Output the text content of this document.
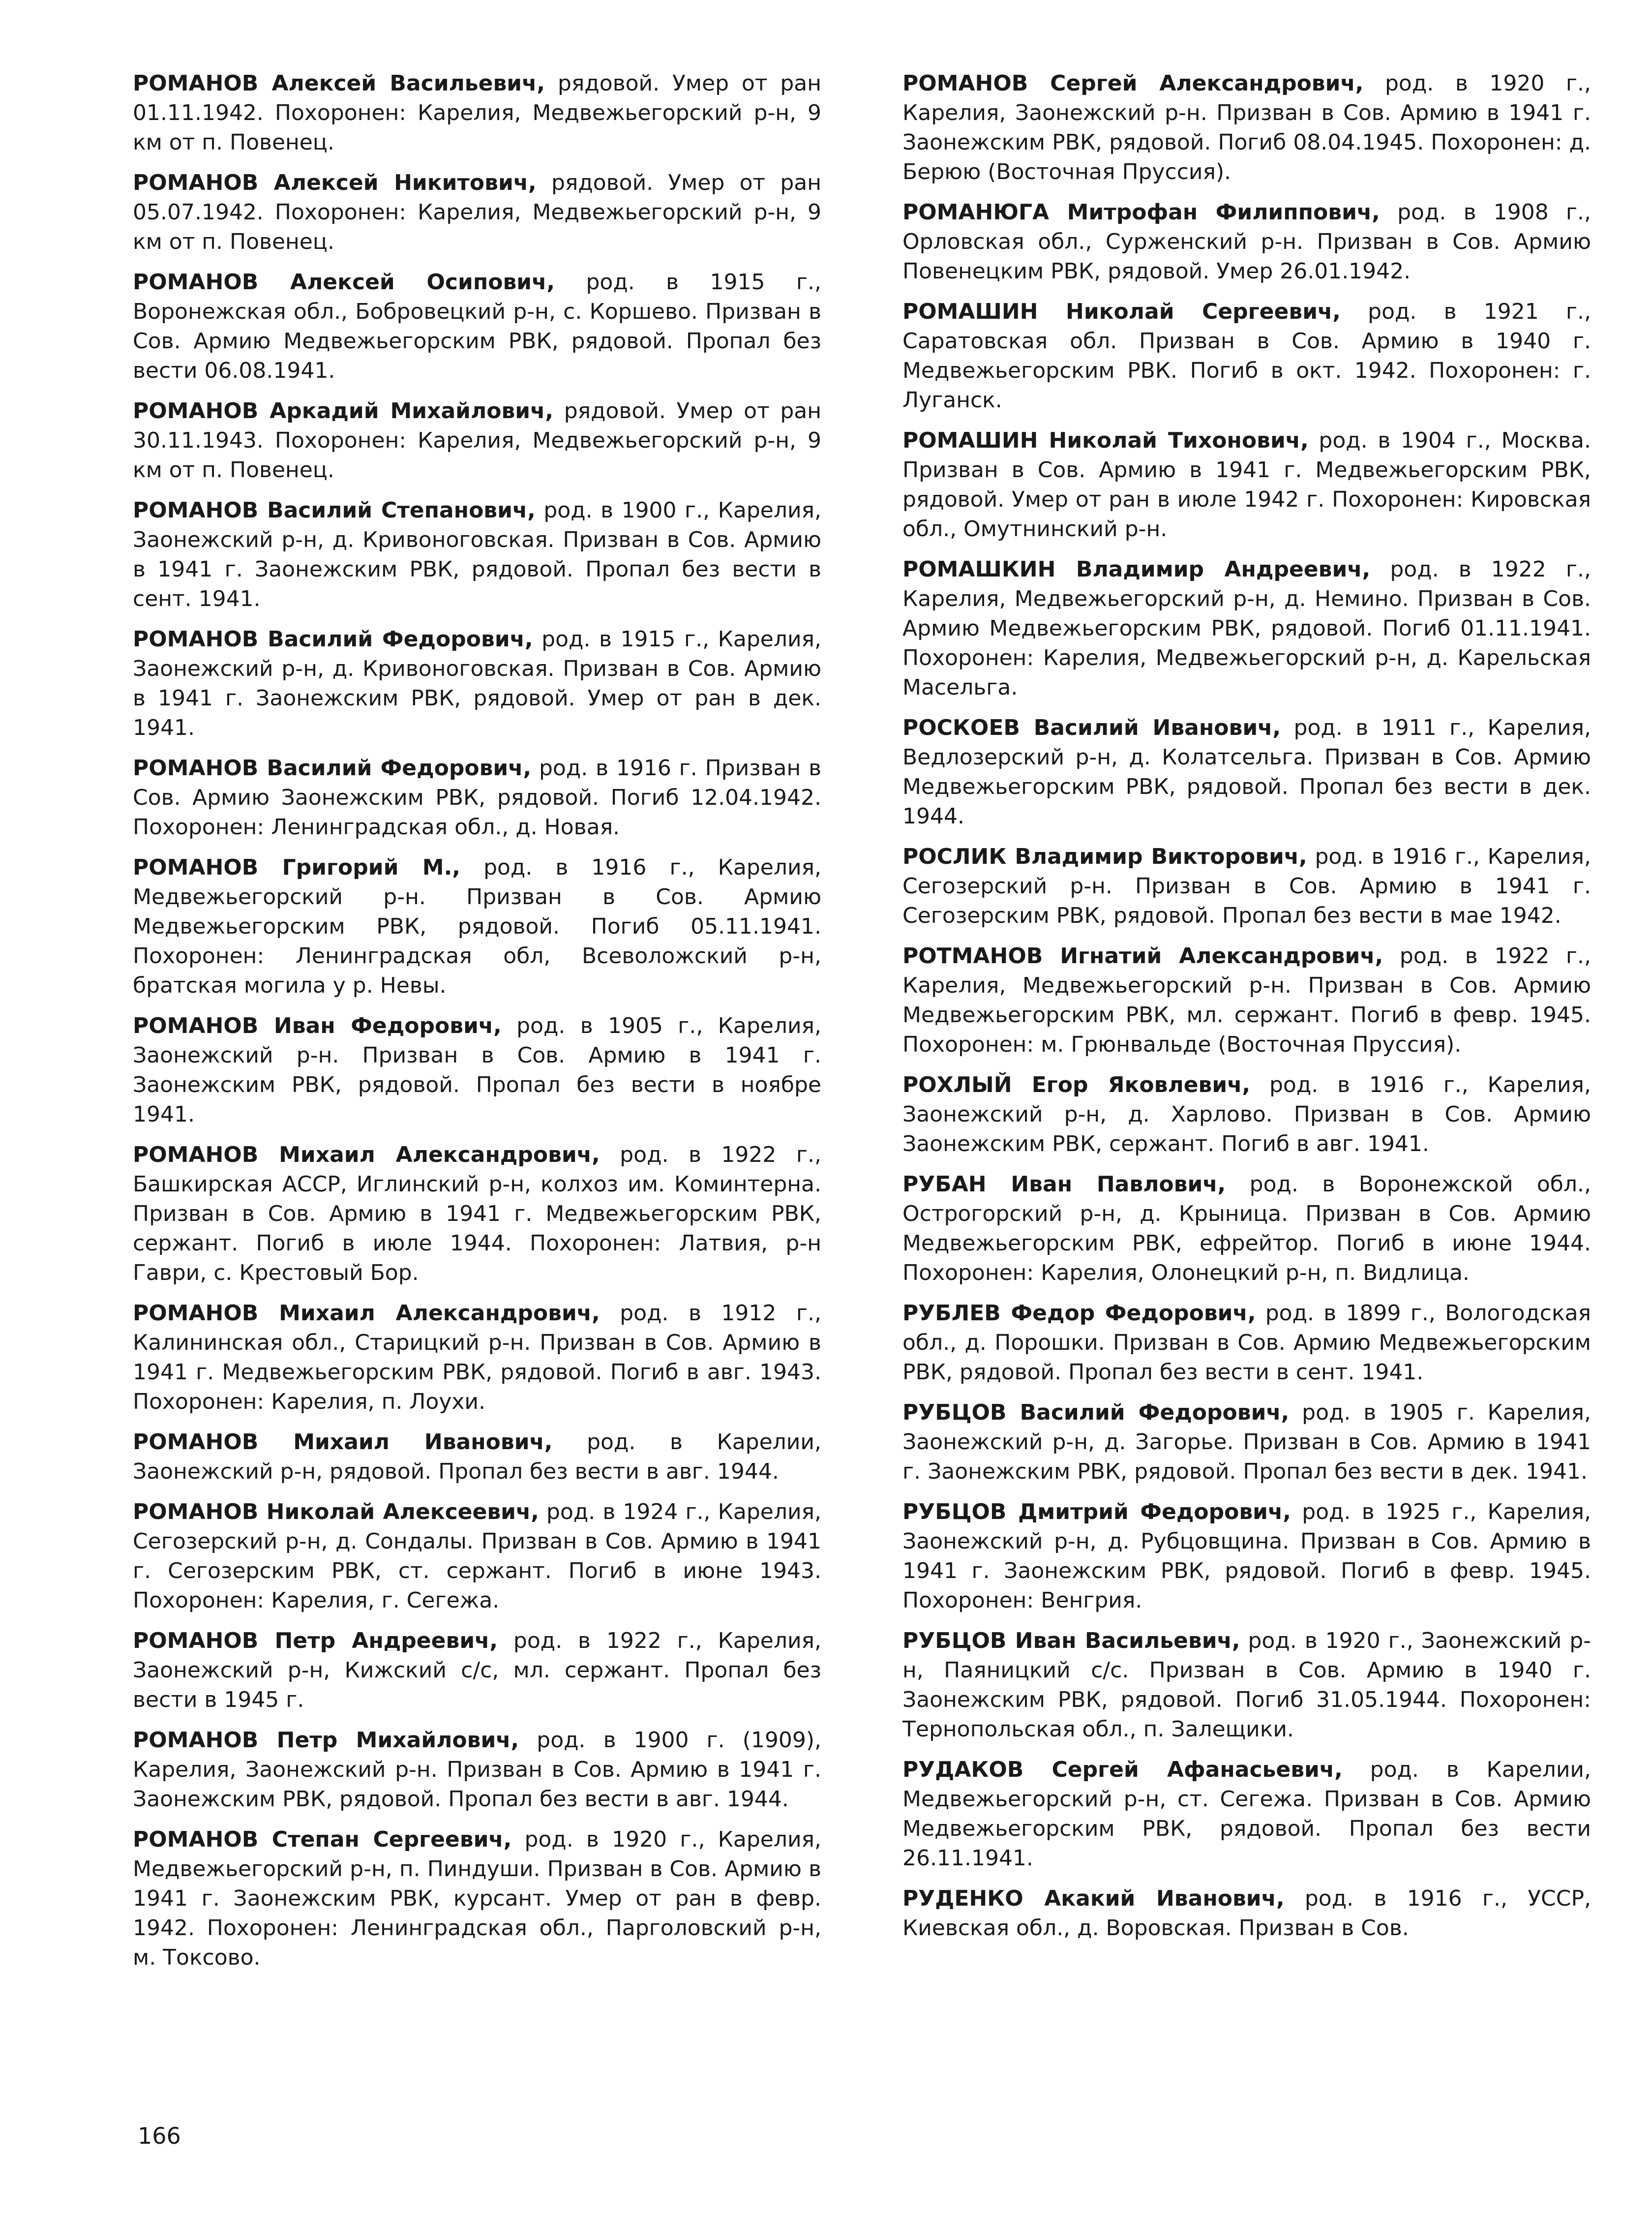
РОМАНОВ Алексей Васильевич, рядовой. Умер от ран 01.11.1942. Похоронен: Карелия, Медвежьегорский р-н, 9 км от п. Повенец.

РОМАНОВ Алексей Никитович, рядовой. Умер от ран 05.07.1942. Похоронен: Карелия, Медвежьегорский р-н, 9 км от п. Повенец.

РОМАНОВ Алексей Осипович, род. в 1915 г., Воронежская обл., Бобровецкий р-н, с. Коршево. Призван в Сов. Армию Медвежьегорским РВК, рядовой. Пропал без вести 06.08.1941.

РОМАНОВ Аркадий Михайлович, рядовой. Умер от ран 30.11.1943. Похоронен: Карелия, Медвежьегорский р-н, 9 км от п. Повенец.

РОМАНОВ Василий Степанович, род. в 1900 г., Карелия, Заонежский р-н, д. Кривоноговская. Призван в Сов. Армию в 1941 г. Заонежским РВК, рядовой. Пропал без вести в сент. 1941.

РОМАНОВ Василий Федорович, род. в 1915 г., Карелия, Заонежский р-н, д. Кривоноговская. Призван в Сов. Армию в 1941 г. Заонежским РВК, рядовой. Умер от ран в дек. 1941.

РОМАНОВ Василий Федорович, род. в 1916 г. Призван в Сов. Армию Заонежским РВК, рядовой. Погиб 12.04.1942. Похоронен: Ленинградская обл., д. Новая.

РОМАНОВ Григорий М., род. в 1916 г., Карелия, Медвежьегорский р-н. Призван в Сов. Армию Медвежьегорским РВК, рядовой. Погиб 05.11.1941. Похоронен: Ленинградская обл, Всеволожский р-н, братская могила у р. Невы.

РОМАНОВ Иван Федорович, род. в 1905 г., Карелия, Заонежский р-н. Призван в Сов. Армию в 1941 г. Заонежским РВК, рядовой. Пропал без вести в ноябре 1941.

РОМАНОВ Михаил Александрович, род. в 1922 г., Башкирская АССР, Иглинский р-н, колхоз им. Коминтерна. Призван в Сов. Армию в 1941 г. Медвежьегорским РВК, сержант. Погиб в июле 1944. Похоронен: Латвия, р-н Гаври, с. Крестовый Бор.

РОМАНОВ Михаил Александрович, род. в 1912 г., Калининская обл., Старицкий р-н. Призван в Сов. Армию в 1941 г. Медвежьегорским РВК, рядовой. Погиб в авг. 1943. Похоронен: Карелия, п. Лоухи.

РОМАНОВ Михаил Иванович, род. в Карелии, Заонежский р-н, рядовой. Пропал без вести в авг. 1944.

РОМАНОВ Николай Алексеевич, род. в 1924 г., Карелия, Сегозерский р-н, д. Сондалы. Призван в Сов. Армию в 1941 г. Сегозерским РВК, ст. сержант. Погиб в июне 1943. Похоронен: Карелия, г. Сегежа.

РОМАНОВ Петр Андреевич, род. в 1922 г., Карелия, Заонежский р-н, Кижский с/с, мл. сержант. Пропал без вести в 1945 г.

РОМАНОВ Петр Михайлович, род. в 1900 г. (1909), Карелия, Заонежский р-н. Призван в Сов. Армию в 1941 г. Заонежским РВК, рядовой. Пропал без вести в авг. 1944.

РОМАНОВ Степан Сергеевич, род. в 1920 г., Карелия, Медвежьегорский р-н, п. Пиндуши. Призван в Сов. Армию в 1941 г. Заонежским РВК, курсант. Умер от ран в февр. 1942. Похоронен: Ленинградская обл., Парголовский р-н, м. Токсово.

РОМАНОВ Сергей Александрович, род. в 1920 г., Карелия, Заонежский р-н. Призван в Сов. Армию в 1941 г. Заонежским РВК, рядовой. Погиб 08.04.1945. Похоронен: д. Берюю (Восточная Пруссия).

РОМАНЮГА Митрофан Филиппович, род. в 1908 г., Орловская обл., Сурженский р-н. Призван в Сов. Армию Повенецким РВК, рядовой. Умер 26.01.1942.

РОМАШИН Николай Сергеевич, род. в 1921 г., Саратовская обл. Призван в Сов. Армию в 1940 г. Медвежьегорским РВК. Погиб в окт. 1942. Похоронен: г. Луганск.

РОМАШИН Николай Тихонович, род. в 1904 г., Москва. Призван в Сов. Армию в 1941 г. Медвежьегорским РВК, рядовой. Умер от ран в июле 1942 г. Похоронен: Кировская обл., Омутнинский р-н.

РОМАШКИН Владимир Андреевич, род. в 1922 г., Карелия, Медвежьегорский р-н, д. Немино. Призван в Сов. Армию Медвежьегорским РВК, рядовой. Погиб 01.11.1941. Похоронен: Карелия, Медвежьегорский р-н, д. Карельская Масельга.

РОСКОЕВ Василий Иванович, род. в 1911 г., Карелия, Ведлозерский р-н, д. Колатсельга. Призван в Сов. Армию Медвежьегорским РВК, рядовой. Пропал без вести в дек. 1944.

РОСЛИК Владимир Викторович, род. в 1916 г., Карелия, Сегозерский р-н. Призван в Сов. Армию в 1941 г. Сегозерским РВК, рядовой. Пропал без вести в мае 1942.

РОТМАНОВ Игнатий Александрович, род. в 1922 г., Карелия, Медвежьегорский р-н. Призван в Сов. Армию Медвежьегорским РВК, мл. сержант. Погиб в февр. 1945. Похоронен: м. Грюнвальде (Восточная Пруссия).

РОХЛЫЙ Егор Яковлевич, род. в 1916 г., Карелия, Заонежский р-н, д. Харлово. Призван в Сов. Армию Заонежским РВК, сержант. Погиб в авг. 1941.

РУБАН Иван Павлович, род. в Воронежской обл., Острогорский р-н, д. Крыница. Призван в Сов. Армию Медвежьегорским РВК, ефрейтор. Погиб в июне 1944. Похоронен: Карелия, Олонецкий р-н, п. Видлица.

РУБЛЕВ Федор Федорович, род. в 1899 г., Вологодская обл., д. Порошки. Призван в Сов. Армию Медвежьегорским РВК, рядовой. Пропал без вести в сент. 1941.

РУБЦОВ Василий Федорович, род. в 1905 г. Карелия, Заонежский р-н, д. Загорье. Призван в Сов. Армию в 1941 г. Заонежским РВК, рядовой. Пропал без вести в дек. 1941.

РУБЦОВ Дмитрий Федорович, род. в 1925 г., Карелия, Заонежский р-н, д. Рубцовщина. Призван в Сов. Армию в 1941 г. Заонежским РВК, рядовой. Погиб в февр. 1945. Похоронен: Венгрия.

РУБЦОВ Иван Васильевич, род. в 1920 г., Заонежский р-н, Паяницкий с/с. Призван в Сов. Армию в 1940 г. Заонежским РВК, рядовой. Погиб 31.05.1944. Похоронен: Тернопольская обл., п. Залещики.

РУДАКОВ Сергей Афанасьевич, род. в Карелии, Медвежьегорский р-н, ст. Сегежа. Призван в Сов. Армию Медвежьегорским РВК, рядовой. Пропал без вести 26.11.1941.

РУДЕНКО Акакий Иванович, род. в 1916 г., УССР, Киевская обл., д. Воровская. Призван в Сов.

166
